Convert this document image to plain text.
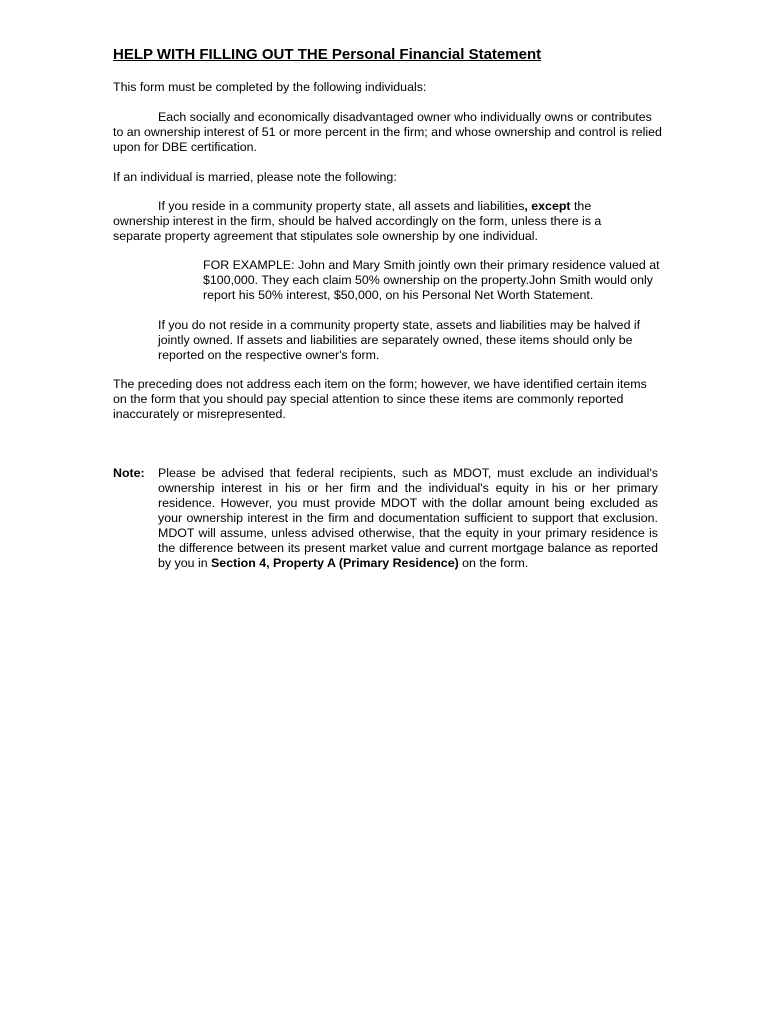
HELP WITH FILLING OUT THE Personal Financial Statement

This form must be completed by the following individuals:

Each socially and economically disadvantaged owner who individually owns or contributes to an ownership interest of 51 or more percent in the firm; and whose ownership and control is relied upon for DBE certification.

If an individual is married, please note the following:

If you reside in a community property state, all assets and liabilities, except the ownership interest in the firm, should be halved accordingly on the form, unless there is a separate property agreement that stipulates sole ownership by one individual.

FOR EXAMPLE: John and Mary Smith jointly own their primary residence valued at $100,000. They each claim 50% ownership on the property.John Smith would only report his 50% interest, $50,000, on his Personal Net Worth Statement.

If you do not reside in a community property state, assets and liabilities may be halved if jointly owned. If assets and liabilities are separately owned, these items should only be reported on the respective owner's form.

The preceding does not address each item on the form; however, we have identified certain items on the form that you should pay special attention to since these items are commonly reported inaccurately or misrepresented.

Note: Please be advised that federal recipients, such as MDOT, must exclude an individual's ownership interest in his or her firm and the individual's equity in his or her primary residence. However, you must provide MDOT with the dollar amount being excluded as your ownership interest in the firm and documentation sufficient to support that exclusion. MDOT will assume, unless advised otherwise, that the equity in your primary residence is the difference between its present market value and current mortgage balance as reported by you in Section 4, Property A (Primary Residence) on the form.
